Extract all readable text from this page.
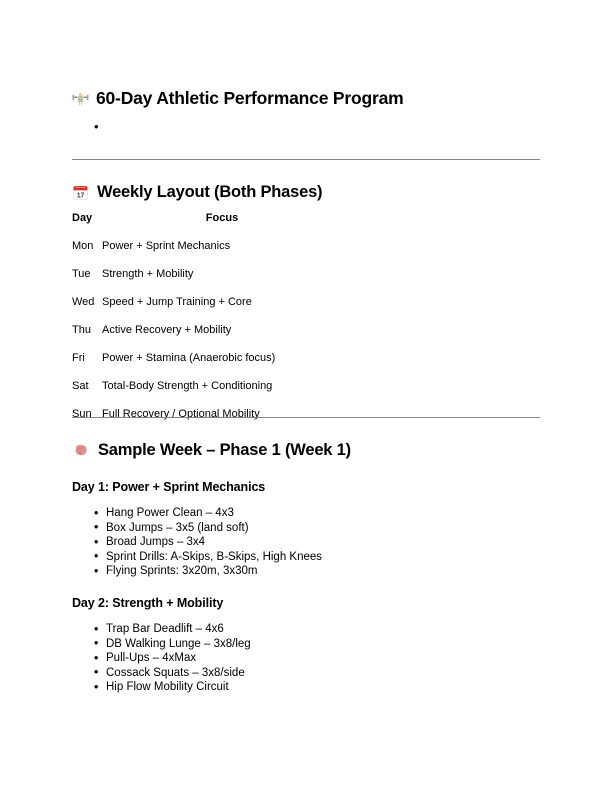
60-Day Athletic Performance Program
•
17 Weekly Layout (Both Phases)
Day	Focus
Mon	Power + Sprint Mechanics
Tue	Strength + Mobility
Wed	Speed + Jump Training + Core
Thu	Active Recovery + Mobility
Fri	Power + Stamina (Anaerobic focus)
Sat	Total-Body Strength + Conditioning
Sun	Full Recovery / Optional Mobility
Sample Week – Phase 1 (Week 1)
Day 1: Power + Sprint Mechanics
• Hang Power Clean – 4x3
• Box Jumps – 3x5 (land soft)
• Broad Jumps – 3x4
• Sprint Drills: A-Skips, B-Skips, High Knees
• Flying Sprints: 3x20m, 3x30m
Day 2: Strength + Mobility
• Trap Bar Deadlift – 4x6
• DB Walking Lunge – 3x8/leg
• Pull-Ups – 4xMax
• Cossack Squats – 3x8/side
• Hip Flow Mobility Circuit
